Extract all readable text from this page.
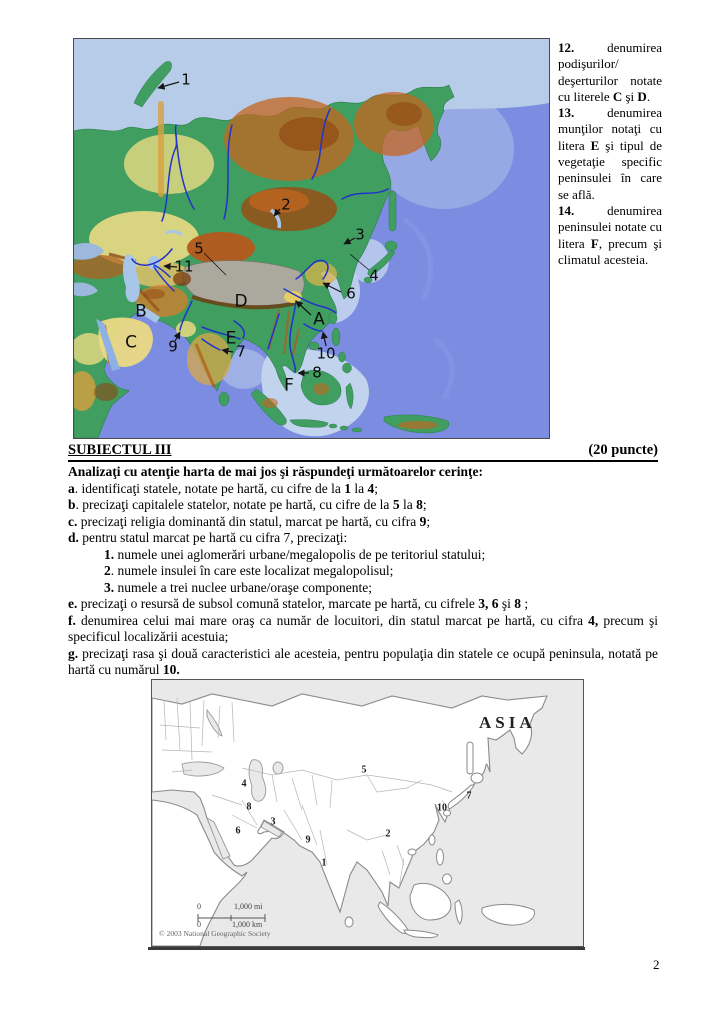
1
2
3
4
5
6
7
8
9	10
11
A
B
C
D
E
F

12. denumirea podişurilor/ deşerturilor notate cu literele C şi D.

13. denumirea munţilor notaţi cu litera E şi tipul de vegetaţie specific peninsulei în care se află.

14. denumirea peninsulei notate cu litera F, precum şi climatul acesteia.

SUBIECTUL III	(20 puncte)

Analizaţi cu atenţie harta de mai jos şi răspundeţi următoarelor cerinţe:

a. identificaţi statele, notate pe hartă, cu cifre de la 1 la 4;

b. precizaţi capitalele statelor, notate pe hartă, cu cifre de la 5 la 8;

c. precizaţi religia dominantă din statul, marcat pe hartă, cu cifra 9;

d. pentru statul marcat pe hartă cu cifra 7, precizaţi:

1. numele unei aglomerări urbane/megalopolis de pe teritoriul statului;

2. numele insulei în care este localizat megalopolisul;

3. numele a trei nuclee urbane/oraşe componente;

e. precizaţi o resursă de subsol comună statelor, marcate pe hartă, cu cifrele 3, 6 şi 8 ;

f. denumirea celui mai mare oraş ca număr de locuitori, din statul marcat pe hartă, cu cifra 4, precum şi specificul localizării acestuia;

g. precizaţi rasa şi două caracteristici ale acesteia, pentru populaţia din statele ce ocupă peninsula, notată pe hartă cu numărul 10.

1
2
3
4
5
6
7
8
9
10
ASIA
0	1,000 mi
0	1,000 km
© 2003 National Geographic Society
2
